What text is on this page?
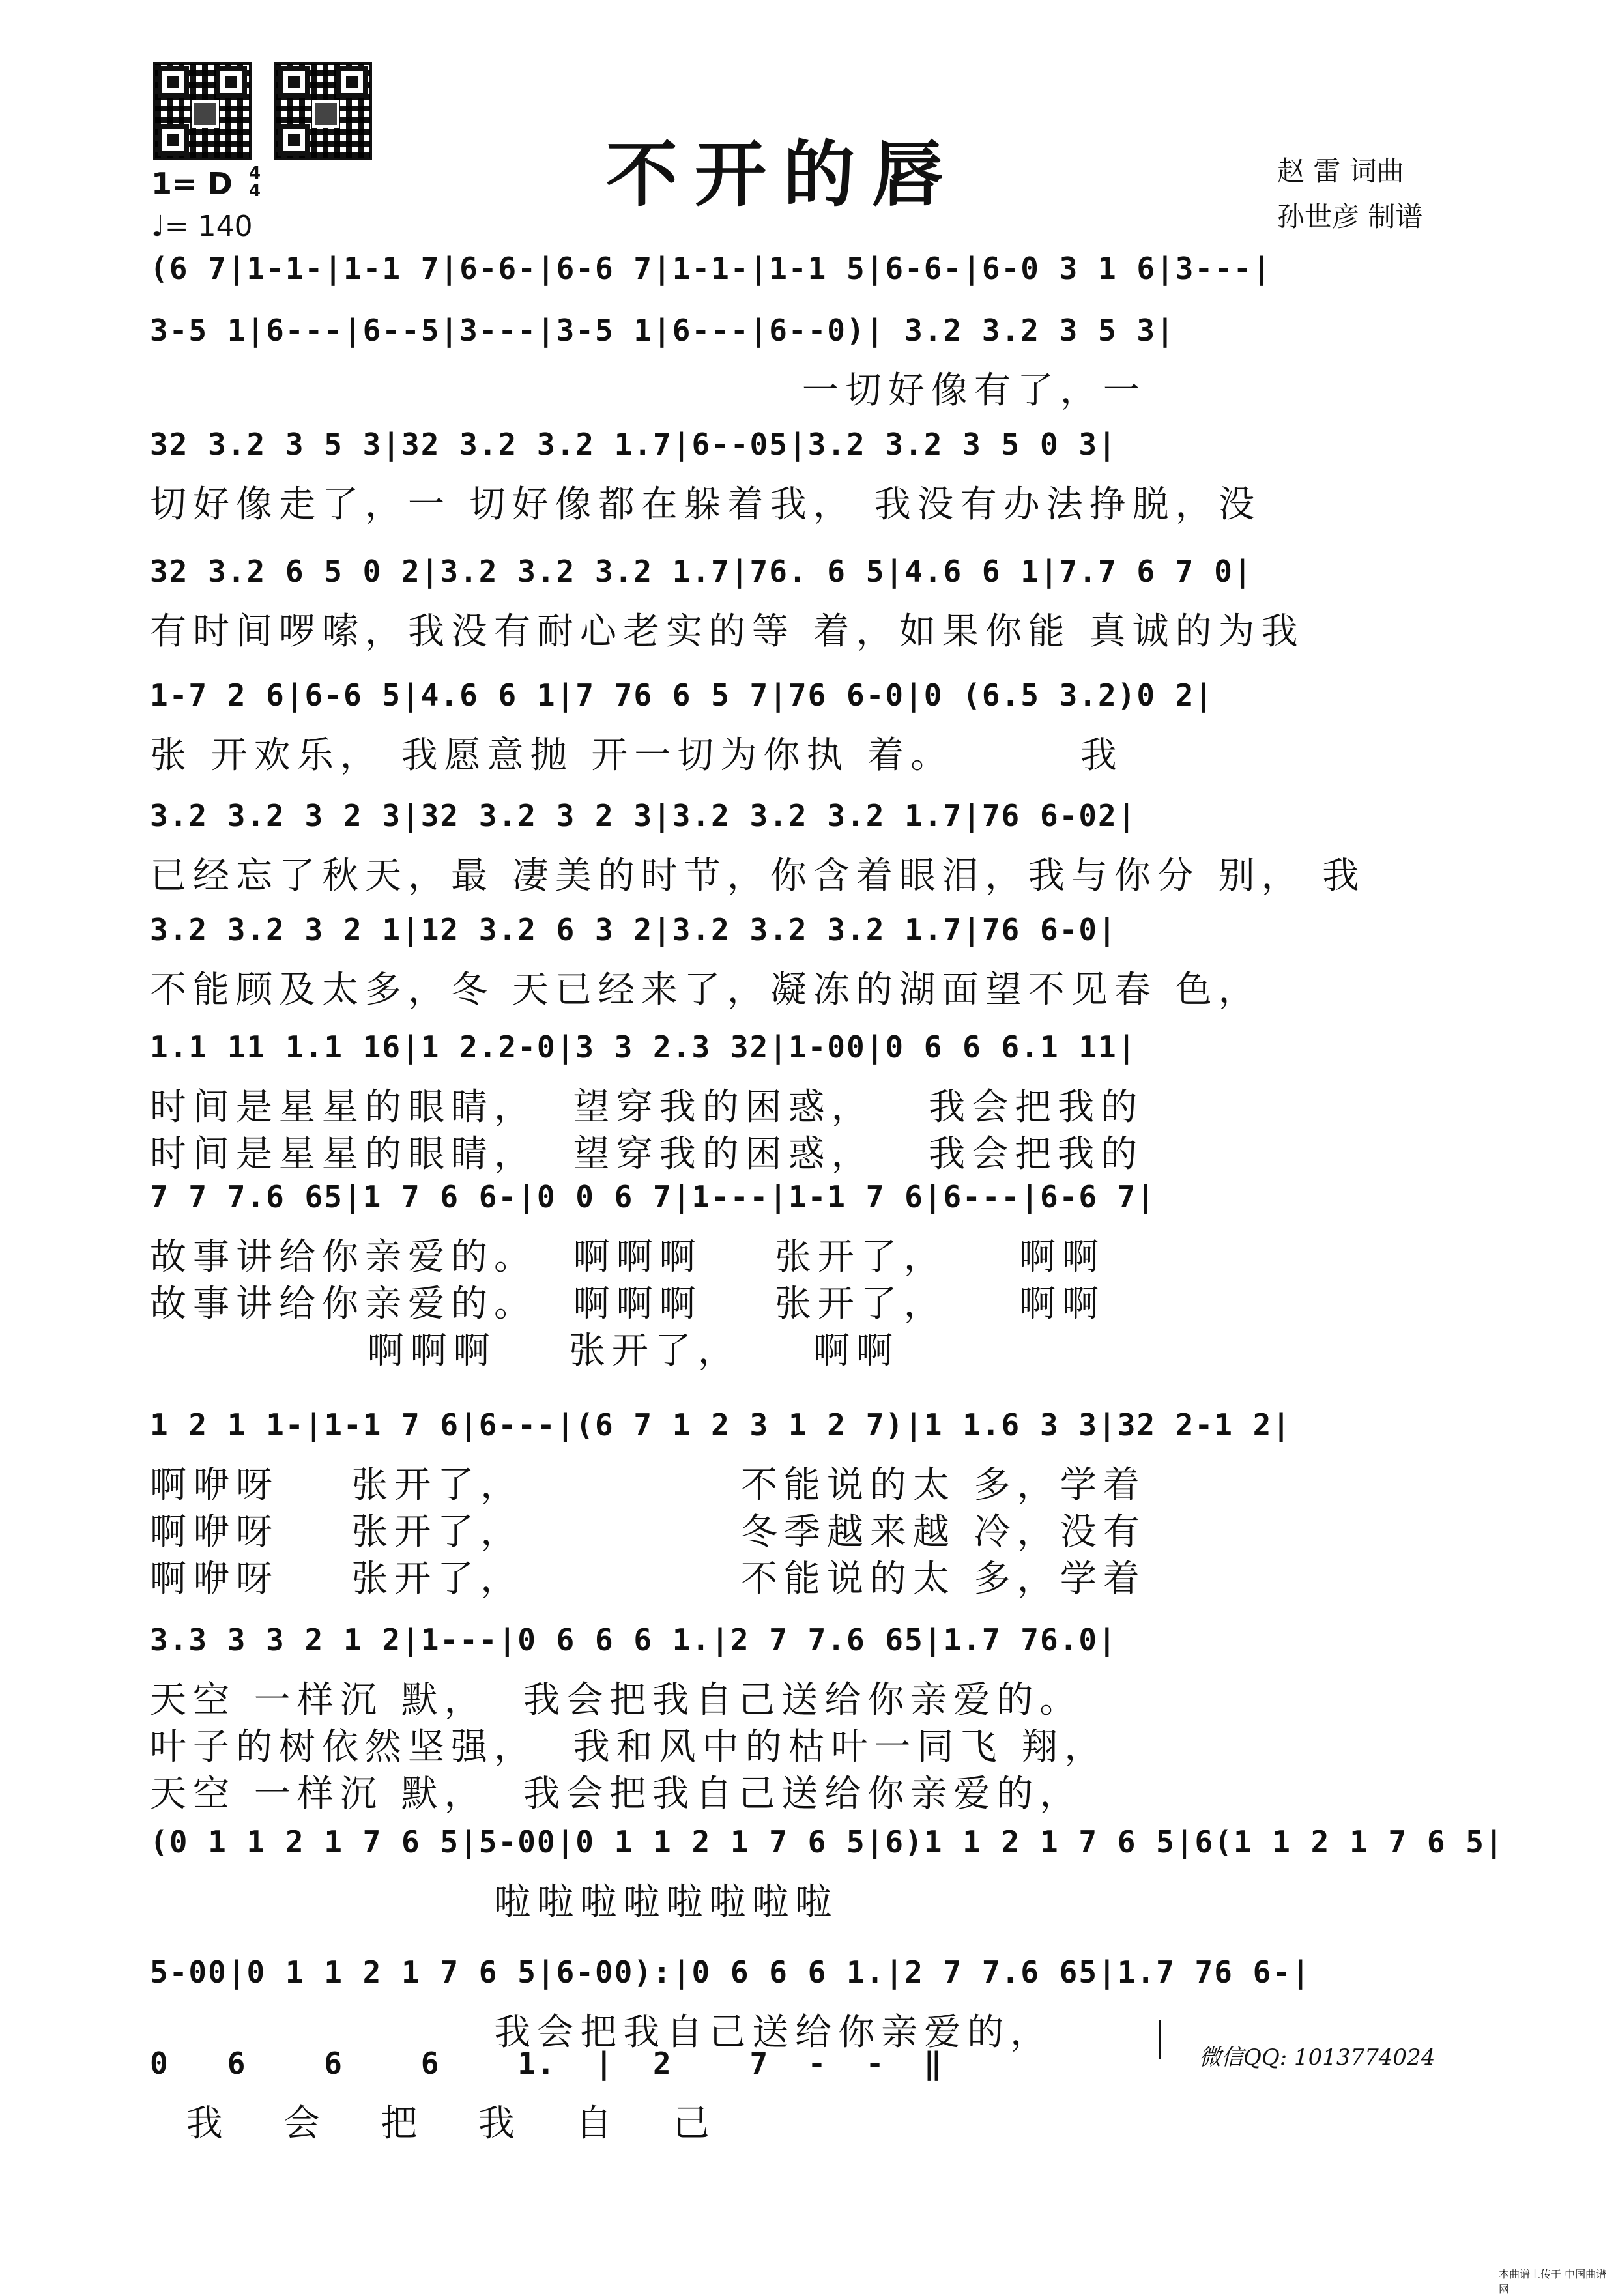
不开的唇	赵 雷 词曲
孙世彦 制谱
1= D 4
4
♩= 140
(6 7|1-1-|1-1 7|6-6-|6-6 7|1-1-|1-1 5|6-6-|6-0 3 1 6|3---|
3-5 1|6---|6--5|3---|3-5 1|6---|6--0)| 3.2 3.2 3 5 3|
一切好像有了，一
32 3.2 3 5 3|32 3.2 3.2 1.7|6--05|3.2 3.2 3 5 0 3|
切好像走了，一 切好像都在躲着我， 我没有办法挣脱，没
32 3.2 6 5 0 2|3.2 3.2 3.2 1.7|76. 6 5|4.6 6 1|7.7 6 7 0|
有时间啰嗦，我没有耐心老实的等 着，如果你能 真诚的为我
1-7 2 6|6-6 5|4.6 6 1|7 76 6 5 7|76 6-0|0 (6.5 3.2)0 2|
张 开欢乐， 我愿意抛 开一切为你执 着。       我
3.2 3.2 3 2 3|32 3.2 3 2 3|3.2 3.2 3.2 1.7|76 6-02|
已经忘了秋天，最 凄美的时节，你含着眼泪，我与你分 别， 我
3.2 3.2 3 2 1|12 3.2 6 3 2|3.2 3.2 3.2 1.7|76 6-0|
不能顾及太多，冬 天已经来了，凝冻的湖面望不见春 色，
1.1 11 1.1 16|1 2.2-0|3 3 2.3 32|1-00|0 6 6 6.1 11|
时间是星星的眼睛，  望穿我的困惑，   我会把我的
时间是星星的眼睛，  望穿我的困惑，   我会把我的
7 7 7.6 65|1 7 6 6-|0 0 6 7|1---|1-1 7 6|6---|6-6 7|
故事讲给你亲爱的。  啊啊啊    张开了，    啊啊
故事讲给你亲爱的。  啊啊啊    张开了，    啊啊
啊啊啊    张开了，    啊啊
1 2 1 1-|1-1 7 6|6---|(6 7 1 2 3 1 2 7)|1 1.6 3 3|32 2-1 2|
啊咿呀    张开了，            不能说的太 多，学着
啊咿呀    张开了，            冬季越来越 冷，没有
啊咿呀    张开了，            不能说的太 多，学着
3.3 3 3 2 1 2|1---|0 6 6 6 1.|2 7 7.6 65|1.7 76.0|
天空 一样沉 默，  我会把我自己送给你亲爱的。
叶子的树依然坚强，  我和风中的枯叶一同飞 翔，
天空 一样沉 默，  我会把我自己送给你亲爱的，
(0 1 1 2 1 7 6 5|5-00|0 1 1 2 1 7 6 5|6)1 1 2 1 7 6 5|6(1 1 2 1 7 6 5|
啦啦啦啦啦啦啦啦
5-00|0 1 1 2 1 7 6 5|6-00):|0 6 6 6 1.|2 7 7.6 65|1.7 76 6-|
我会把我自己送给你亲爱的，
0   6    6    6    1.  |  2    7  -  -  ‖
我   会   把   我   自   己
微信QQ: 1013774024
本曲谱上传于 中国曲谱网
